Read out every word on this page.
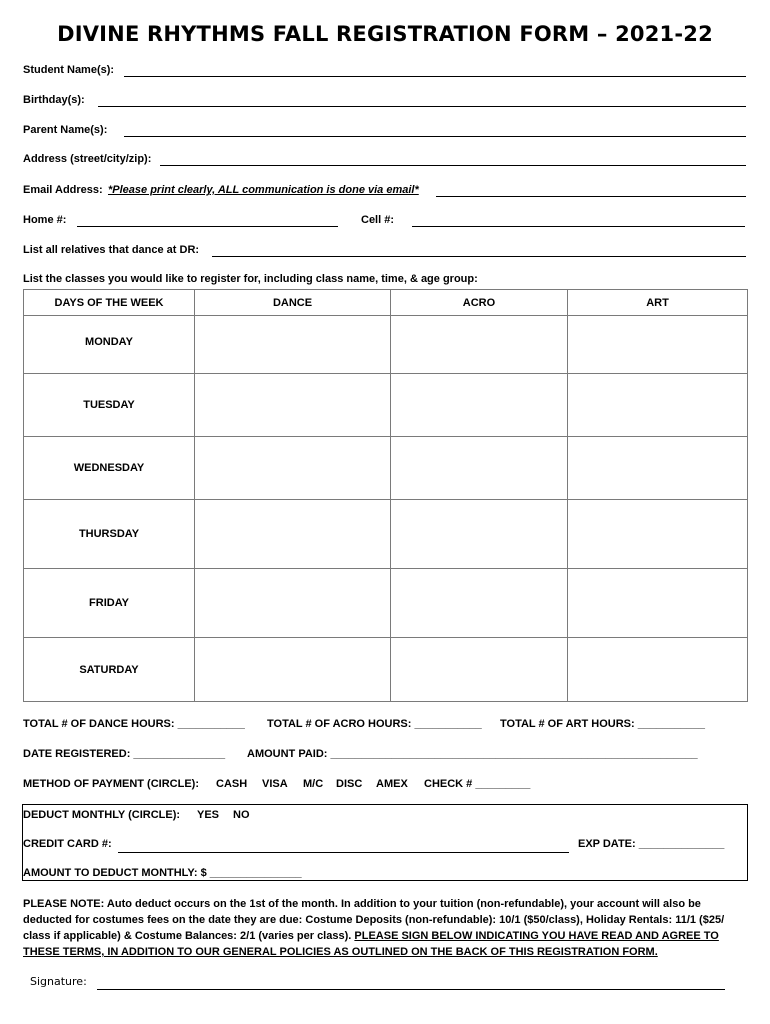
DIVINE RHYTHMS FALL REGISTRATION FORM – 2021-22
Student Name(s):
Birthday(s):
Parent Name(s):
Address (street/city/zip):
Email Address: *Please print clearly, ALL communication is done via email*
Home #:	Cell #:
List all relatives that dance at DR:
List the classes you would like to register for, including class name, time, & age group:
DAYS OF THE WEEK	DANCE	ACRO	ART
MONDAY			
TUESDAY			
WEDNESDAY			
THURSDAY			
FRIDAY			
SATURDAY			
TOTAL # OF DANCE HOURS: ___________ TOTAL # OF ACRO HOURS: ___________ TOTAL # OF ART HOURS: ___________
DATE REGISTERED: _______________ AMOUNT PAID: ____________________________________________________________
METHOD OF PAYMENT (CIRCLE): CASH VISA M/C DISC AMEX CHECK # _________
DEDUCT MONTHLY (CIRCLE): YES NO
CREDIT CARD #:	EXP DATE: ______________
AMOUNT TO DEDUCT MONTHLY: $ _______________
PLEASE NOTE: Auto deduct occurs on the 1st of the month. In addition to your tuition (non-refundable), your account will also be deducted for costumes fees on the date they are due: Costume Deposits (non-refundable): 10/1 ($50/class), Holiday Rentals: 11/1 ($25/ class if applicable) & Costume Balances: 2/1 (varies per class). PLEASE SIGN BELOW INDICATING YOU HAVE READ AND AGREE TO THESE TERMS, IN ADDITION TO OUR GENERAL POLICIES AS OUTLINED ON THE BACK OF THIS REGISTRATION FORM.
Signature:
